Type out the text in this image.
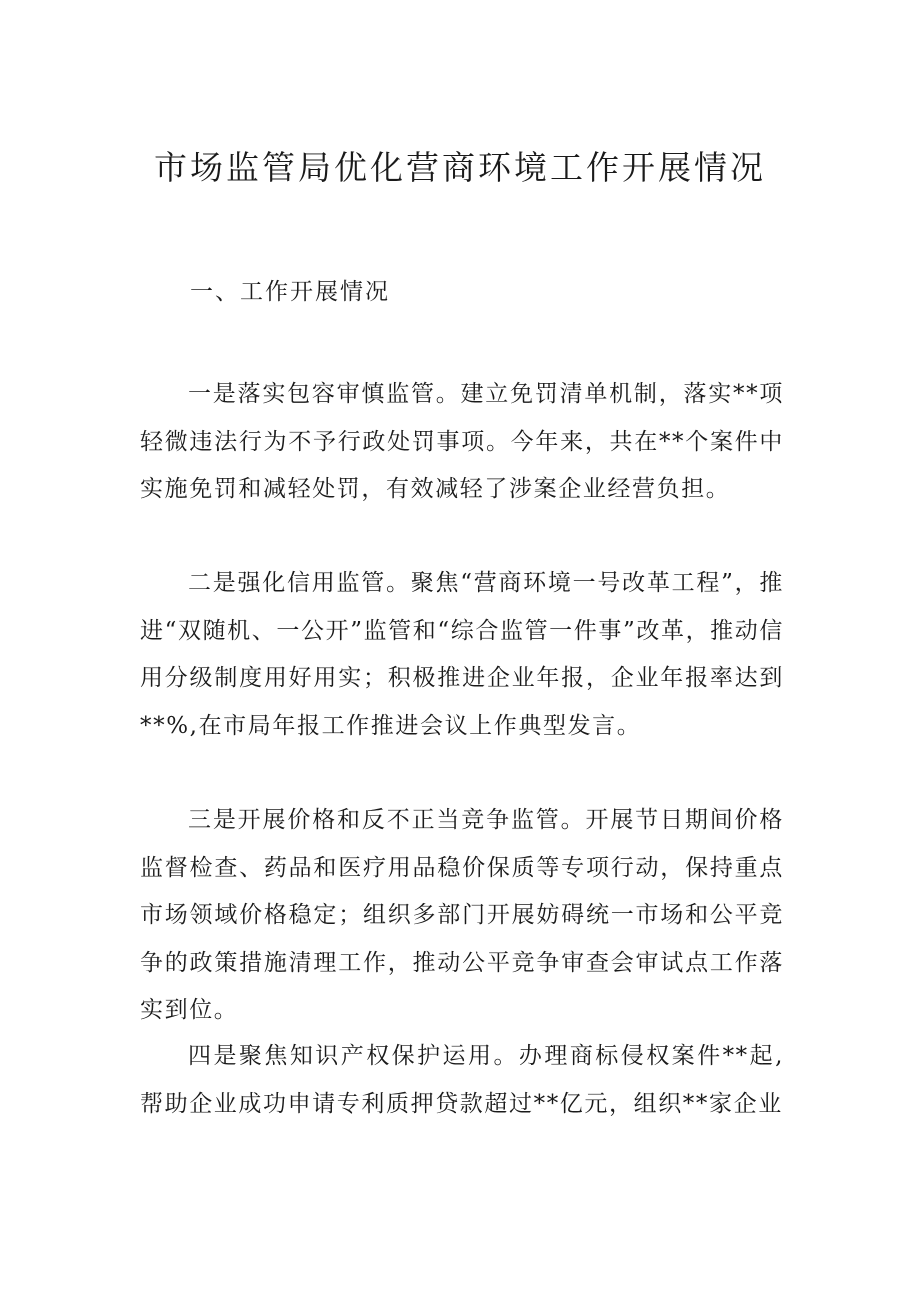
市场监管局优化营商环境工作开展情况
一、工作开展情况

一是落实包容审慎监管。建立免罚清单机制，落实**项轻微违法行为不予行政处罚事项。今年来，共在**个案件中实施免罚和减轻处罚，有效减轻了涉案企业经营负担。

二是强化信用监管。聚焦“营商环境一号改革工程”，推进“双随机、一公开”监管和“综合监管一件事”改革，推动信用分级制度用好用实；积极推进企业年报，企业年报率达到**%,在市局年报工作推进会议上作典型发言。

三是开展价格和反不正当竞争监管。开展节日期间价格监督检查、药品和医疗用品稳价保质等专项行动，保持重点市场领域价格稳定；组织多部门开展妨碍统一市场和公平竞争的政策措施清理工作，推动公平竞争审查会审试点工作落实到位。

四是聚焦知识产权保护运用。办理商标侵权案件**起,帮助企业成功申请专利质押贷款超过**亿元，组织**家企业
